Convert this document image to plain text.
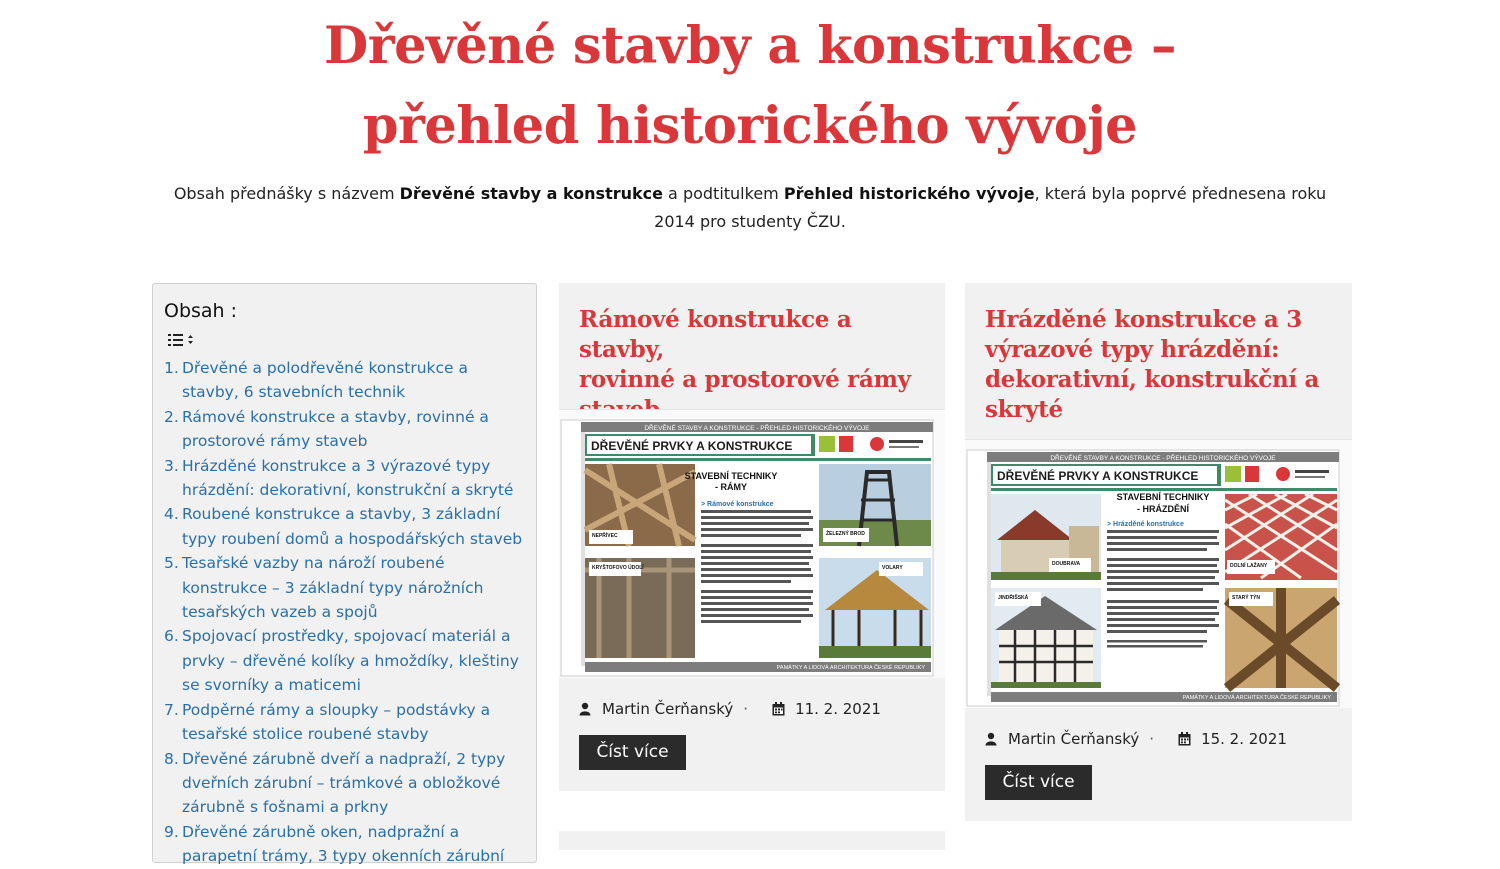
Dřevěné stavby a konstrukce –
přehled historického vývoje

Obsah přednášky s názvem Dřevěné stavby a konstrukce a podtitulkem Přehled historického vývoje, která byla poprvé přednesena roku
2014 pro studenty ČZU.

Obsah :
1. Dřevěné a polodřevěné konstrukce a
stavby, 6 stavebních technik
2. Rámové konstrukce a stavby, rovinné a
prostorové rámy staveb
3. Hrázděné konstrukce a 3 výrazové typy
hrázdění: dekorativní, konstrukční a skryté
4. Roubené konstrukce a stavby, 3 základní
typy roubení domů a hospodářských staveb
5. Tesařské vazby na nároží roubené
konstrukce – 3 základní typy nárožních
tesařských vazeb a spojů
6. Spojovací prostředky, spojovací materiál a
prvky – dřevěné kolíky a hmoždíky, kleštiny
se svorníky a maticemi
7. Podpěrné rámy a sloupky – podstávky a
tesařské stolice roubené stavby
8. Dřevěné zárubně dveří a nadpraží, 2 typy
dveřních zárubní – trámkové a obložkové
zárubně s fošnami a prkny
9. Dřevěné zárubně oken, nadpražní a
parapetní trámy, 3 typy okenních zárubní
Rámové konstrukce a stavby,
rovinné a prostorové rámy

DŘEVĚNÉ STAVBY A KONSTRUKCE - PŘEHLED HISTORICKÉHO VÝVOJE
DŘEVĚNÉ PRVKY A KONSTRUKCE
NEPŘÍVEC
STAVEBNÍ TECHNIKY
- RÁMY
> Rámové konstrukce
ŽELEZNÝ BROD
KRYŠTOFOVO ÚDOLÍ	VOLARY
PAMÁTKY A LIDOVÁ ARCHITEKTURA ČESKÉ REPUBLIKY
Martin Čerňanský ·	11. 2. 2021
Číst více
Hrázděné konstrukce a 3
výrazové typy hrázdění:
dekorativní, konstrukční a
skryté
DŘEVĚNÉ STAVBY A KONSTRUKCE - PŘEHLED HISTORICKÉHO VÝVOJE
DŘEVĚNÉ PRVKY A KONSTRUKCE
DOUBRAVA
STAVEBNÍ TECHNIKY
- HRÁZDĚNÍ
> Hrázděné konstrukce
DOLNÍ LAŽANY
JINDŘIŠSKÁ	STARÝ TÝN
PAMÁTKY A LIDOVÁ ARCHITEKTURA ČESKÉ REPUBLIKY
Martin Čerňanský ·	15. 2. 2021
Číst více
